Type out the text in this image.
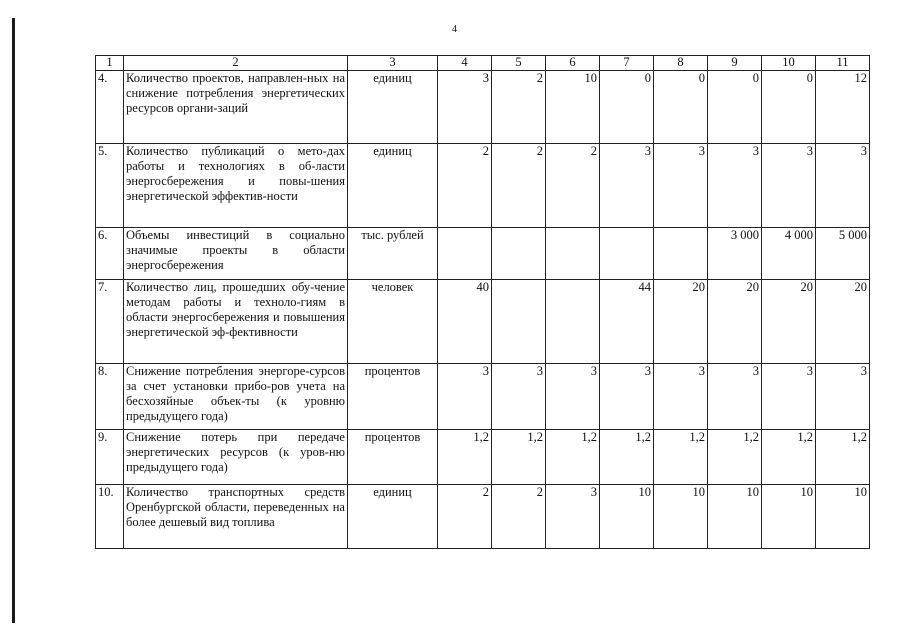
4
1	2	3	4	5	6	7	8	9	10	11
4.	Количество проектов, направлен-ных на снижение потребления энергетических ресурсов органи-заций	единиц	3	2	10	0	0	0	0	12
5.	Количество публикаций о мето-дах работы и технологиях в об-ласти энергосбережения и повы-шения энергетической эффектив-ности	единиц	2	2	2	3	3	3	3	3
6.	Объемы инвестиций в социально значимые проекты в области энергосбережения	тыс. рублей						3 000	4 000	5 000
7.	Количество лиц, прошедших обу-чение методам работы и техноло-гиям в области энергосбережения и повышения энергетической эф-фективности	человек	40			44	20	20	20	20
8.	Снижение потребления энергоре-сурсов за счет установки прибо-ров учета на бесхозяйные объек-ты (к уровню предыдущего года)	процентов	3	3	3	3	3	3	3	3
9.	Снижение потерь при передаче энергетических ресурсов (к уров-ню предыдущего года)	процентов	1,2	1,2	1,2	1,2	1,2	1,2	1,2	1,2
10.	Количество транспортных средств Оренбургской области, переведенных на более дешевый вид топлива	единиц	2	2	3	10	10	10	10	10
